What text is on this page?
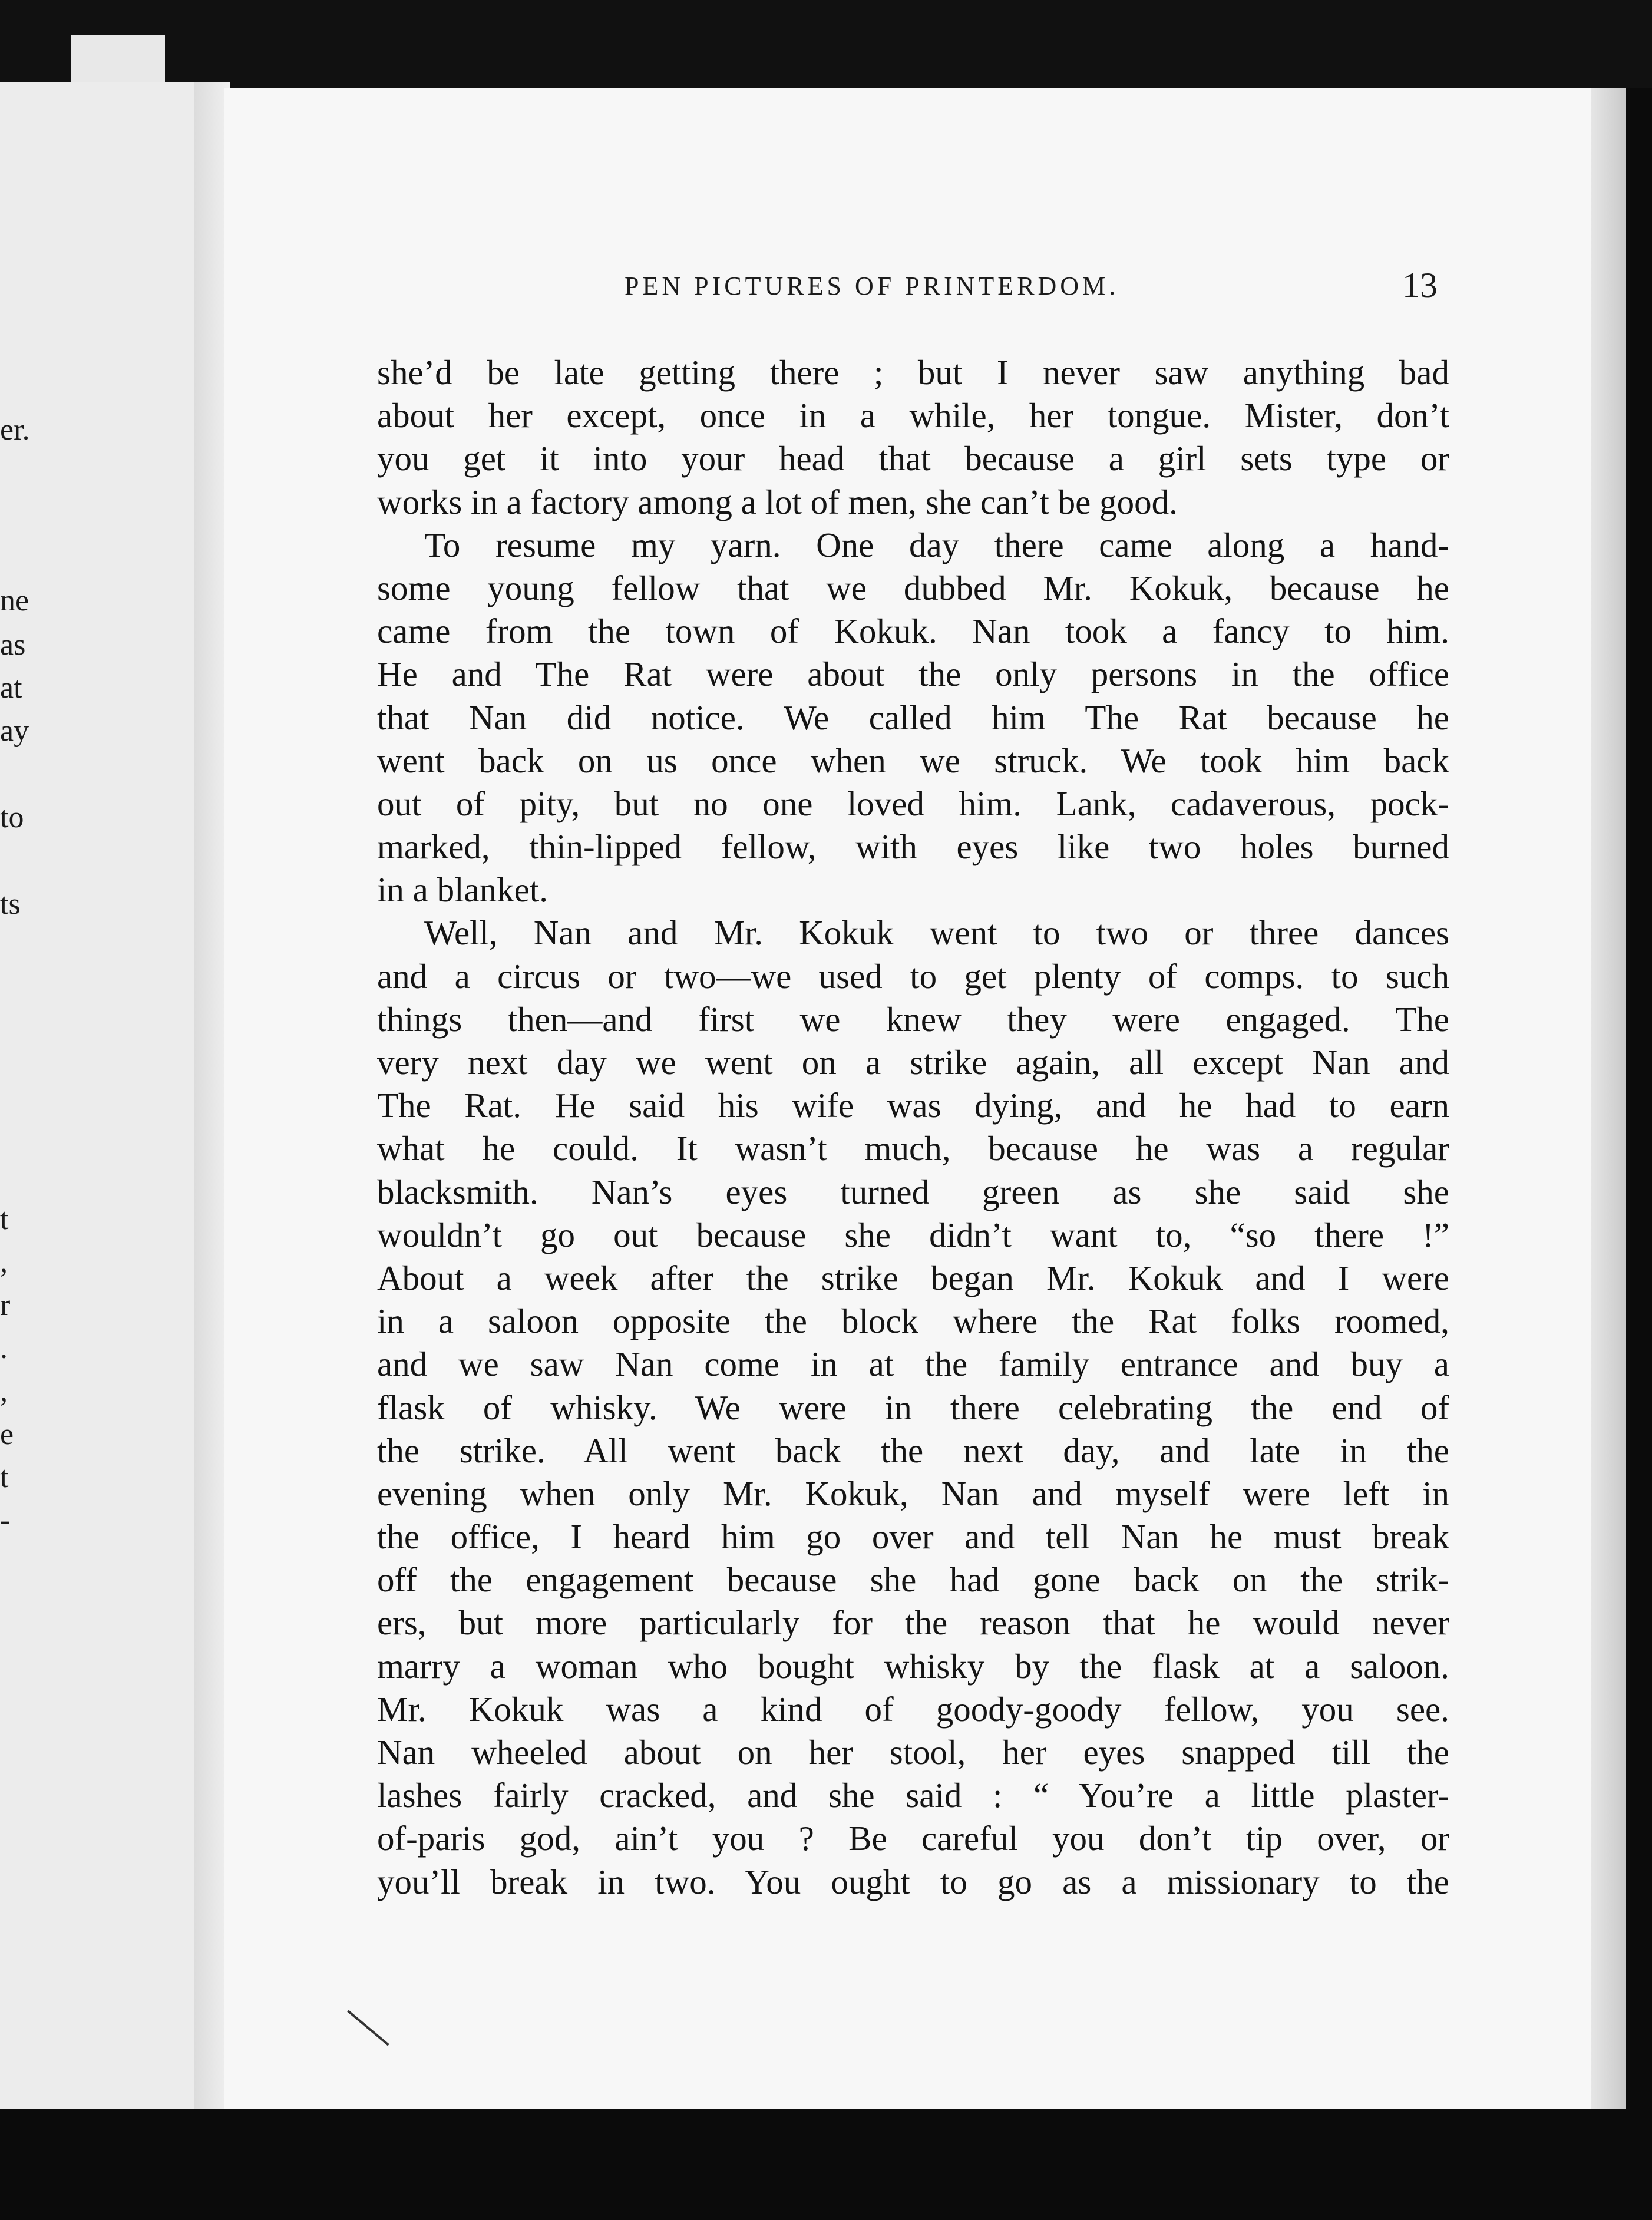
er.
ne
as
at
ay
to
ts
t
,
r
.
,
e
t
-
PEN PICTURES OF PRINTERDOM.	13
she’d be late getting there ; but I never saw anything bad
about her except, once in a while, her tongue. Mister, don’t
you get it into your head that because a girl sets type or
works in a factory among a lot of men, she can’t be good.
To resume my yarn. One day there came along a hand-
some young fellow that we dubbed Mr. Kokuk, because he
came from the town of Kokuk. Nan took a fancy to him.
He and The Rat were about the only persons in the office
that Nan did notice. We called him The Rat because he
went back on us once when we struck. We took him back
out of pity, but no one loved him. Lank, cadaverous, pock-
marked, thin-lipped fellow, with eyes like two holes burned
in a blanket.
Well, Nan and Mr. Kokuk went to two or three dances
and a circus or two—we used to get plenty of comps. to such
things then—and first we knew they were engaged. The
very next day we went on a strike again, all except Nan and
The Rat. He said his wife was dying, and he had to earn
what he could. It wasn’t much, because he was a regular
blacksmith. Nan’s eyes turned green as she said she
wouldn’t go out because she didn’t want to, “so there !”
About a week after the strike began Mr. Kokuk and I were
in a saloon opposite the block where the Rat folks roomed,
and we saw Nan come in at the family entrance and buy a
flask of whisky. We were in there celebrating the end of
the strike. All went back the next day, and late in the
evening when only Mr. Kokuk, Nan and myself were left in
the office, I heard him go over and tell Nan he must break
off the engagement because she had gone back on the strik-
ers, but more particularly for the reason that he would never
marry a woman who bought whisky by the flask at a saloon.
Mr. Kokuk was a kind of goody-goody fellow, you see.
Nan wheeled about on her stool, her eyes snapped till the
lashes fairly cracked, and she said : “ You’re a little plaster-
of-paris god, ain’t you ? Be careful you don’t tip over, or
you’ll break in two. You ought to go as a missionary to the
